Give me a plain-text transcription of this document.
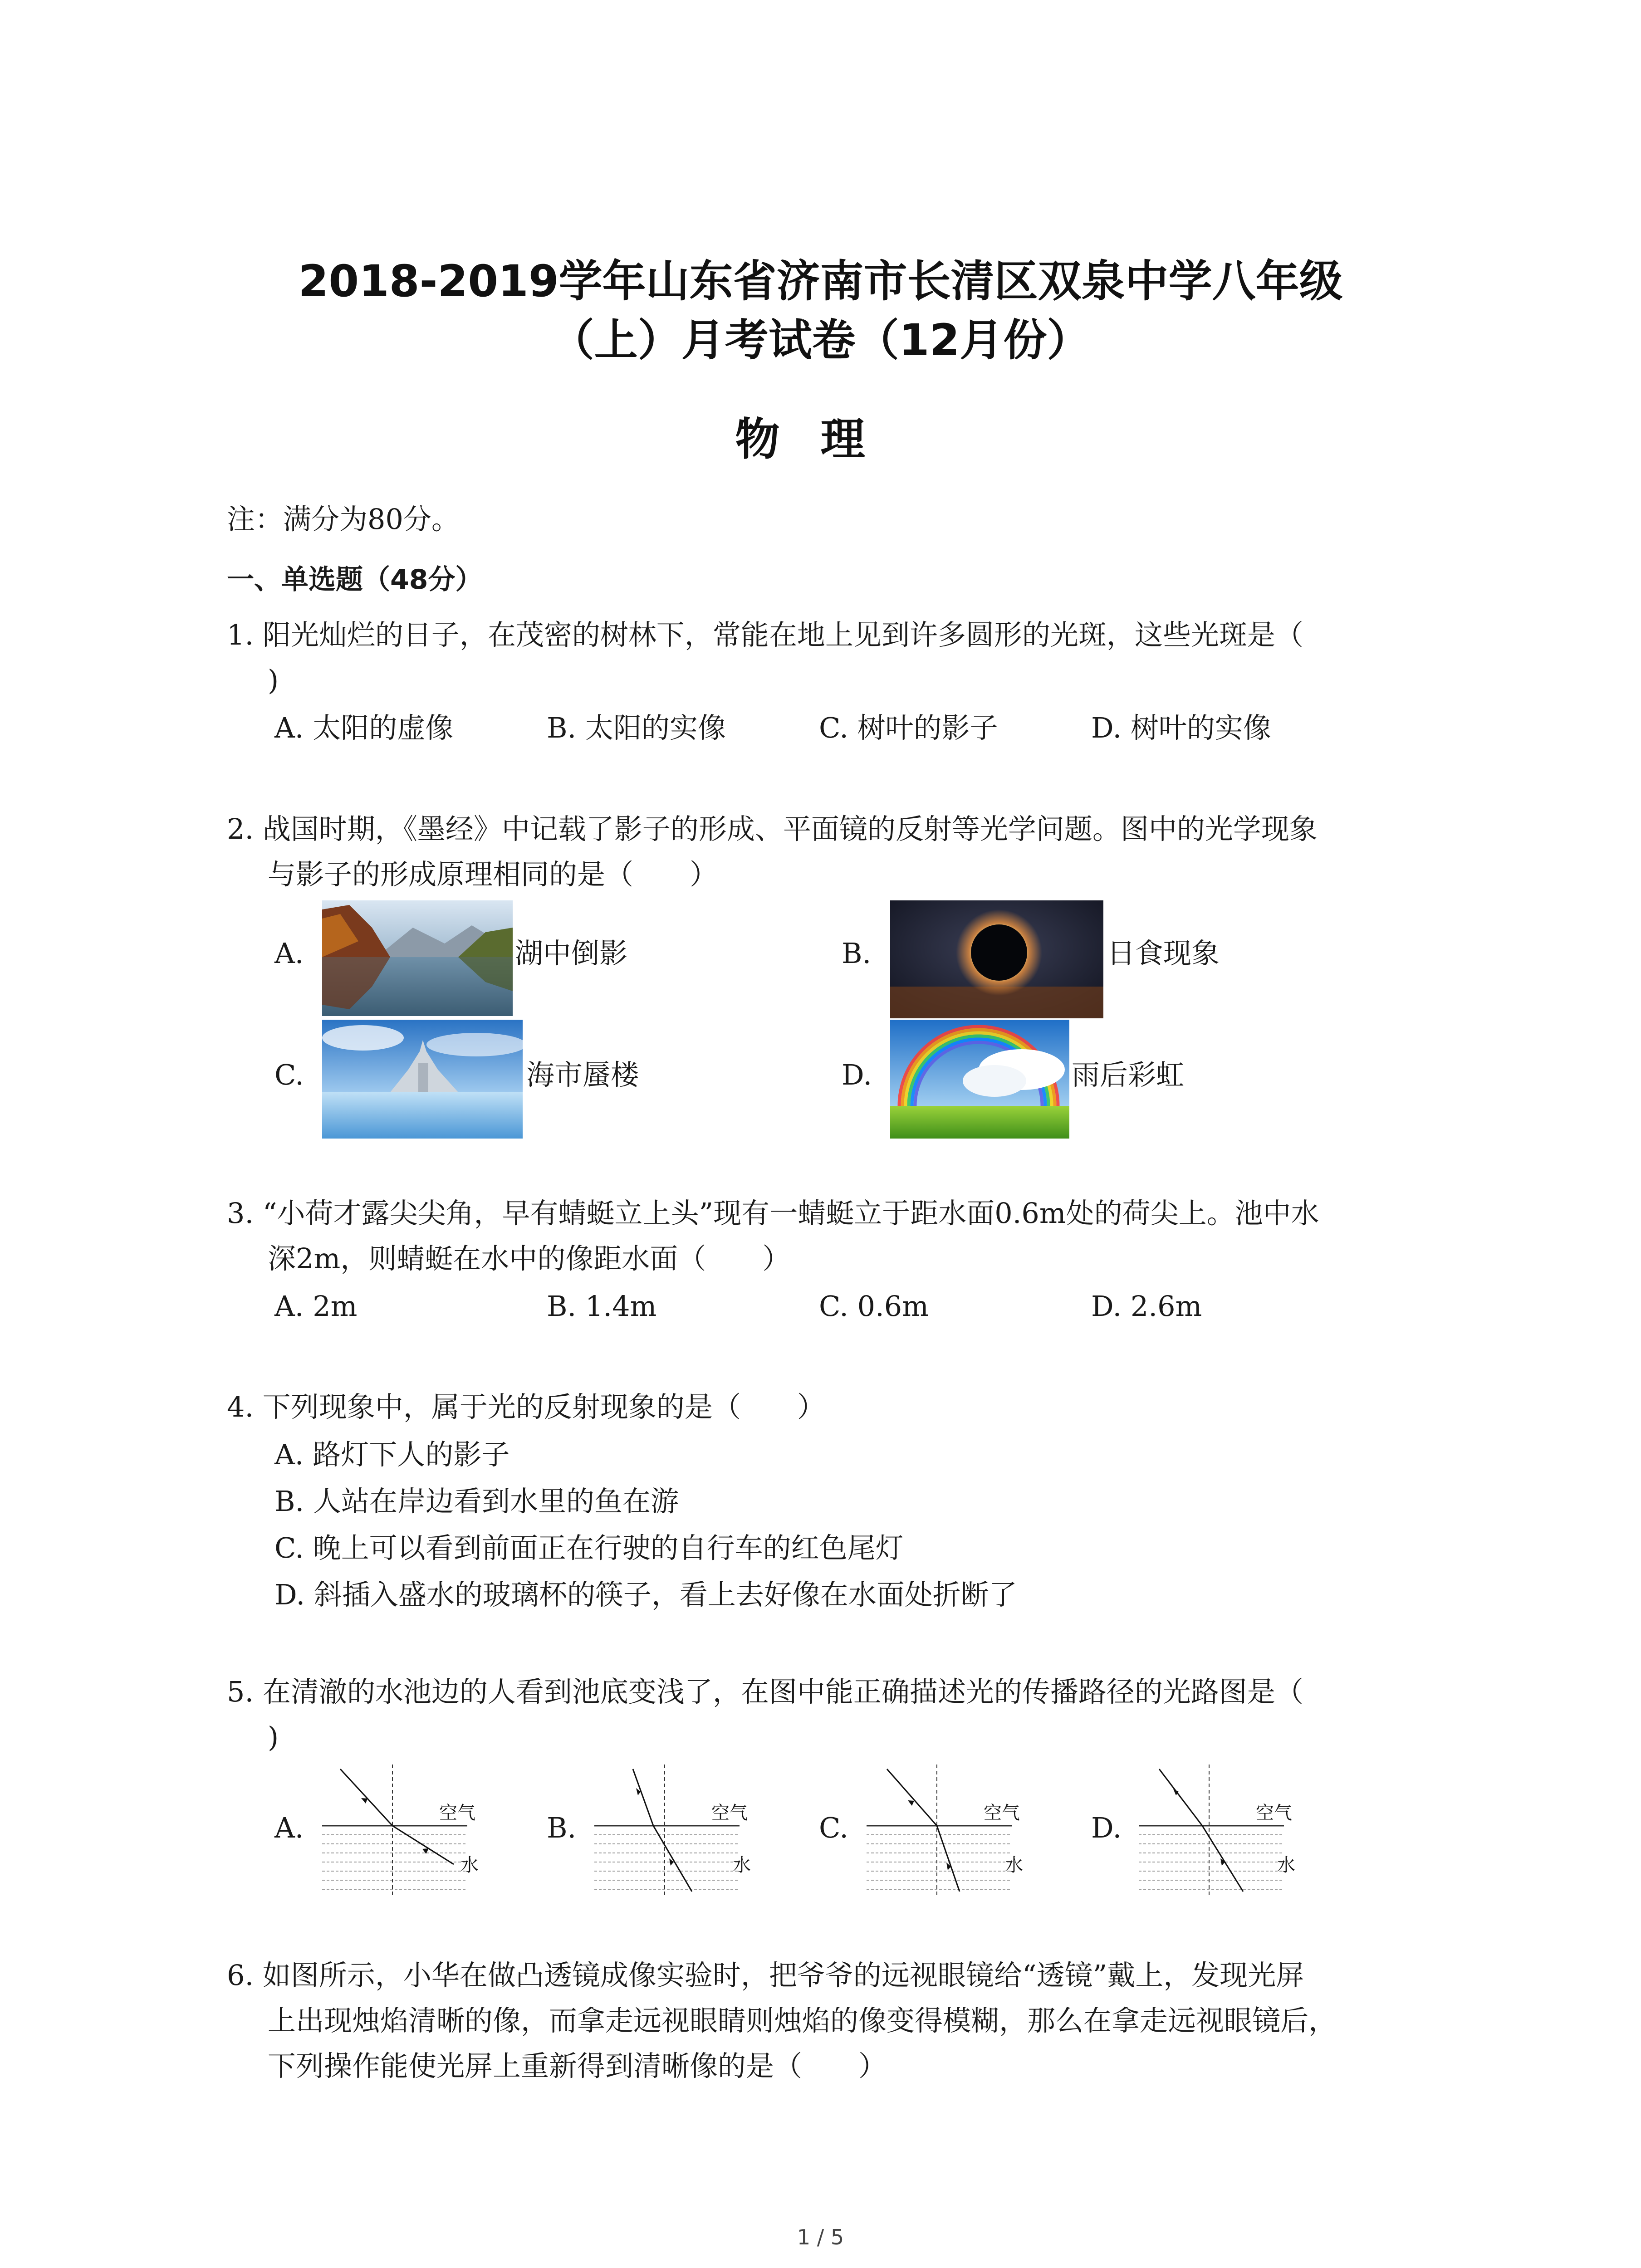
2018-2019学年山东省济南市长清区双泉中学八年级
（上）月考试卷（12月份）
物理
注：满分为80分。
一、单选题（48分）
1. 阳光灿烂的日子，在茂密的树林下，常能在地上见到许多圆形的光斑，这些光斑是（
)
A. 太阳的虚像	B. 太阳的实像	C. 树叶的影子	D. 树叶的实像
2. 战国时期，《墨经》中记载了影子的形成、平面镜的反射等光学问题。图中的光学现象
与影子的形成原理相同的是（　　）
A.	湖中倒影	B.	日食现象
C.	海市蜃楼	D.	雨后彩虹
3. “小荷才露尖尖角，早有蜻蜓立上头”现有一蜻蜓立于距水面0.6m处的荷尖上。池中水
深2m，则蜻蜓在水中的像距水面（　　）
A. 2m	B. 1.4m	C. 0.6m	D. 2.6m
4. 下列现象中，属于光的反射现象的是（　　）
A. 路灯下人的影子
B. 人站在岸边看到水里的鱼在游
C. 晚上可以看到前面正在行驶的自行车的红色尾灯
D. 斜插入盛水的玻璃杯的筷子，看上去好像在水面处折断了
5. 在清澈的水池边的人看到池底变浅了，在图中能正确描述光的传播路径的光路图是（
)
A.	B.	C.	D.
空气
水
空气
水
空气
水
空气
水
6. 如图所示，小华在做凸透镜成像实验时，把爷爷的远视眼镜给“透镜”戴上，发现光屏
上出现烛焰清晰的像，而拿走远视眼睛则烛焰的像变得模糊，那么在拿走远视眼镜后，
下列操作能使光屏上重新得到清晰像的是（　　）
1 / 5
